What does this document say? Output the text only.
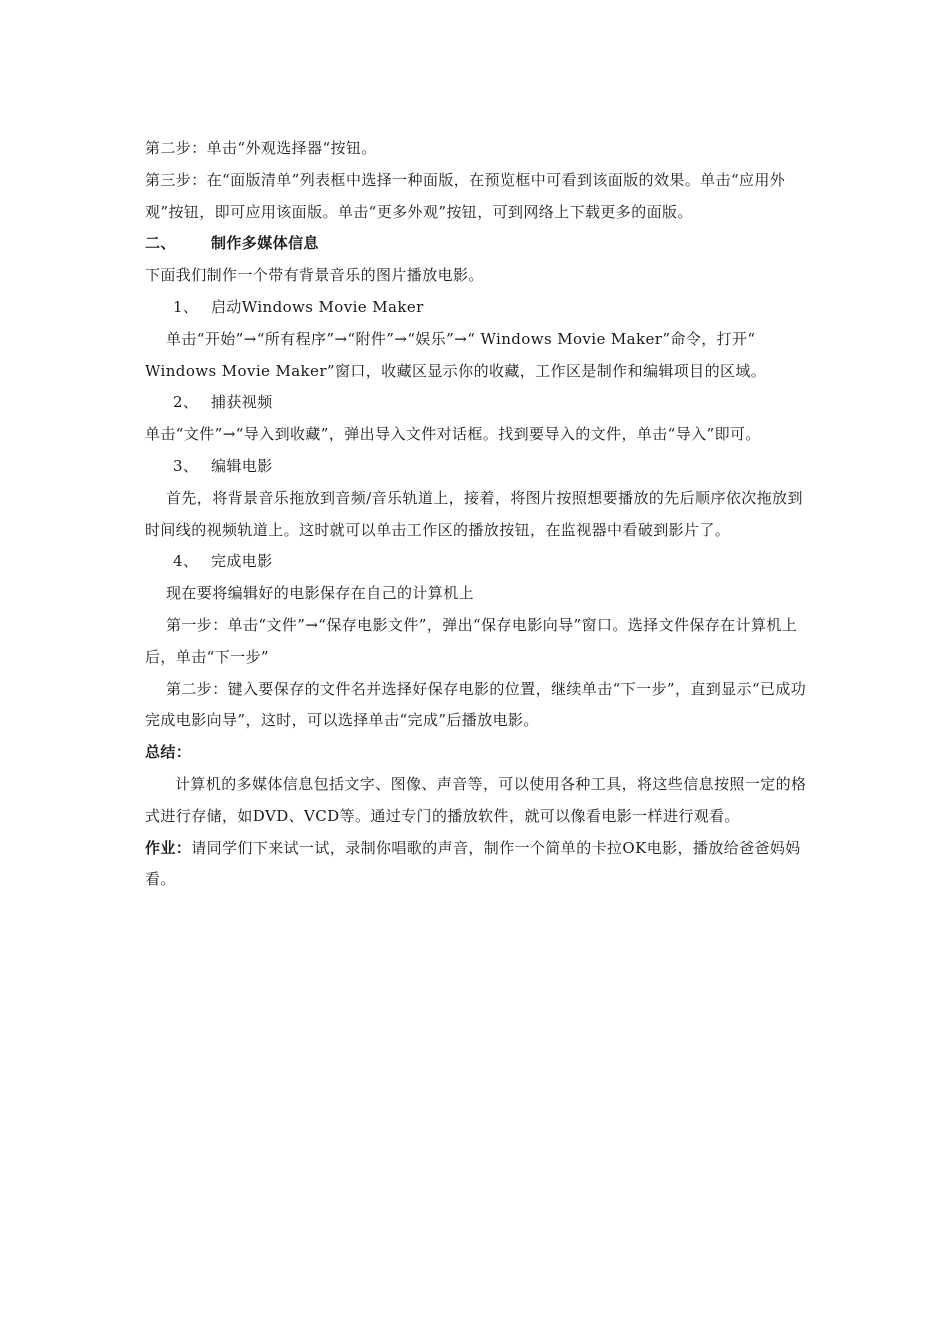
第二步：单击“外观选择器“按钮。

第三步：在“面版清单”列表框中选择一种面版，在预览框中可看到该面版的效果。单击“应用外观”按钮，即可应用该面版。单击“更多外观”按钮，可到网络上下载更多的面版。

二、 制作多媒体信息

下面我们制作一个带有背景音乐的图片播放电影。

1、 启动Windows Movie Maker

单击“开始”→“所有程序”→“附件”→“娱乐”→“ Windows Movie Maker”命令，打开“ Windows Movie Maker”窗口，收藏区显示你的收藏，工作区是制作和编辑项目的区域。

2、 捕获视频

单击“文件”→“导入到收藏”，弹出导入文件对话框。找到要导入的文件，单击“导入”即可。

3、 编辑电影

首先，将背景音乐拖放到音频/音乐轨道上，接着，将图片按照想要播放的先后顺序依次拖放到时间线的视频轨道上。这时就可以单击工作区的播放按钮，在监视器中看破到影片了。

4、 完成电影

现在要将编辑好的电影保存在自己的计算机上

第一步：单击“文件”→“保存电影文件”，弹出“保存电影向导”窗口。选择文件保存在计算机上后，单击“下一步”

第二步：键入要保存的文件名并选择好保存电影的位置，继续单击“下一步”，直到显示“已成功完成电影向导”，这时，可以选择单击“完成”后播放电影。

总结：

计算机的多媒体信息包括文字、图像、声音等，可以使用各种工具，将这些信息按照一定的格式进行存储，如DVD、VCD等。通过专门的播放软件，就可以像看电影一样进行观看。

作业：请同学们下来试一试，录制你唱歌的声音，制作一个简单的卡拉OK电影，播放给爸爸妈妈看。
